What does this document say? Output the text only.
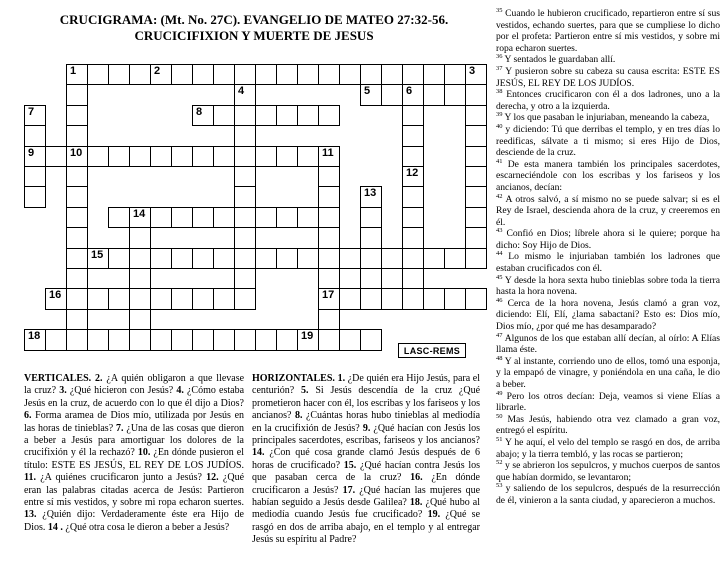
CRUCIGRAMA: (Mt. No. 27C). EVANGELIO DE MATEO 27:32-56.
CRUCICIFIXION Y MUERTE DE JESUS
1	2	3
10
4	5	6
12
7
9
8
11
17
13
14
15
16
18	19
LASC-REMS
VERTICALES. 2. ¿A quién obligaron a que llevase la cruz? 3. ¿Qué hicieron con Jesús? 4. ¿Cómo estaba Jesús en la cruz, de acuerdo con lo que él dijo a Dios? 6. Forma aramea de Dios mío, utilizada por Jesús en las horas de tinieblas? 7. ¿Una de las cosas que dieron a beber a Jesús para amortiguar los dolores de la crucifixión y él la rechazó? 10. ¿En dónde pusieron el título: ESTE ES JESÚS, EL REY DE LOS JUDÍOS. 11. ¿A quiénes crucificaron junto a Jesús? 12. ¿Qué eran las palabras citadas acerca de Jesús: Partieron entre sí mis vestidos, y sobre mi ropa echaron suertes. 13. ¿Quién dijo: Verdaderamente éste era Hijo de Dios. 14 . ¿Qué otra cosa le dieron a beber a Jesús?
HORIZONTALES. 1. ¿De quién era Hijo Jesús, para el centurión? 5. Si Jesús descendía de la cruz ¿Qué prometieron hacer con él, los escribas y los fariseos y los ancianos? 8. ¿Cuántas horas hubo tinieblas al mediodía en la crucifixión de Jesús? 9. ¿Qué hacían con Jesús los principales sacerdotes, escribas, fariseos y los ancianos? 14. ¿Con qué cosa grande clamó Jesús después de 6 horas de crucificado? 15. ¿Qué hacían contra Jesús los que pasaban cerca de la cruz? 16. ¿En dónde crucificaron a Jesús? 17. ¿Qué hacían las mujeres que habían seguido a Jesús desde Galilea? 18. ¿Qué hubo al mediodía cuando Jesús fue crucificado? 19. ¿Qué se rasgó en dos de arriba abajo, en el templo y al entregar Jesús su espíritu al Padre?

$^{35}$ Cuando le hubieron crucificado, repartieron entre sí sus vestidos, echando suertes, para que se cumpliese lo dicho por el profeta: Partieron entre sí mis vestidos, y sobre mi ropa echaron suertes.

$^{36}$ Y sentados le guardaban allí.

$^{37}$ Y pusieron sobre su cabeza su causa escrita: ESTE ES JESÚS, EL REY DE LOS JUDÍOS.

$^{38}$ Entonces crucificaron con él a dos ladrones, uno a la derecha, y otro a la izquierda.

$^{39}$ Y los que pasaban le injuriaban, meneando la cabeza,

$^{40}$ y diciendo: Tú que derribas el templo, y en tres días lo reedificas, sálvate a ti mismo; si eres Hijo de Dios, desciende de la cruz.

$^{41}$ De esta manera también los principales sacerdotes, escarneciéndole con los escribas y los fariseos y los ancianos, decían:

$^{42}$ A otros salvó, a sí mismo no se puede salvar; si es el Rey de Israel, descienda ahora de la cruz, y creeremos en él.

$^{43}$ Confió en Dios; líbrele ahora si le quiere; porque ha dicho: Soy Hijo de Dios.

$^{44}$ Lo mismo le injuriaban también los ladrones que estaban crucificados con él.

$^{45}$ Y desde la hora sexta hubo tinieblas sobre toda la tierra hasta la hora novena.

$^{46}$ Cerca de la hora novena, Jesús clamó a gran voz, diciendo: Elí, Elí, ¿lama sabactani? Esto es: Dios mío, Dios mío, ¿por qué me has desamparado?

$^{47}$ Algunos de los que estaban allí decían, al oírlo: A Elías llama éste.

$^{48}$ Y al instante, corriendo uno de ellos, tomó una esponja, y la empapó de vinagre, y poniéndola en una caña, le dio a beber.

$^{49}$ Pero los otros decían: Deja, veamos si viene Elías a librarle.

$^{50}$ Mas Jesús, habiendo otra vez clamado a gran voz, entregó el espíritu.

$^{51}$ Y he aquí, el velo del templo se rasgó en dos, de arriba abajo; y la tierra tembló, y las rocas se partieron;

$^{52}$ y se abrieron los sepulcros, y muchos cuerpos de santos que habían dormido, se levantaron;

$^{53}$ y saliendo de los sepulcros, después de la resurrección de él, vinieron a la santa ciudad, y aparecieron a muchos.
